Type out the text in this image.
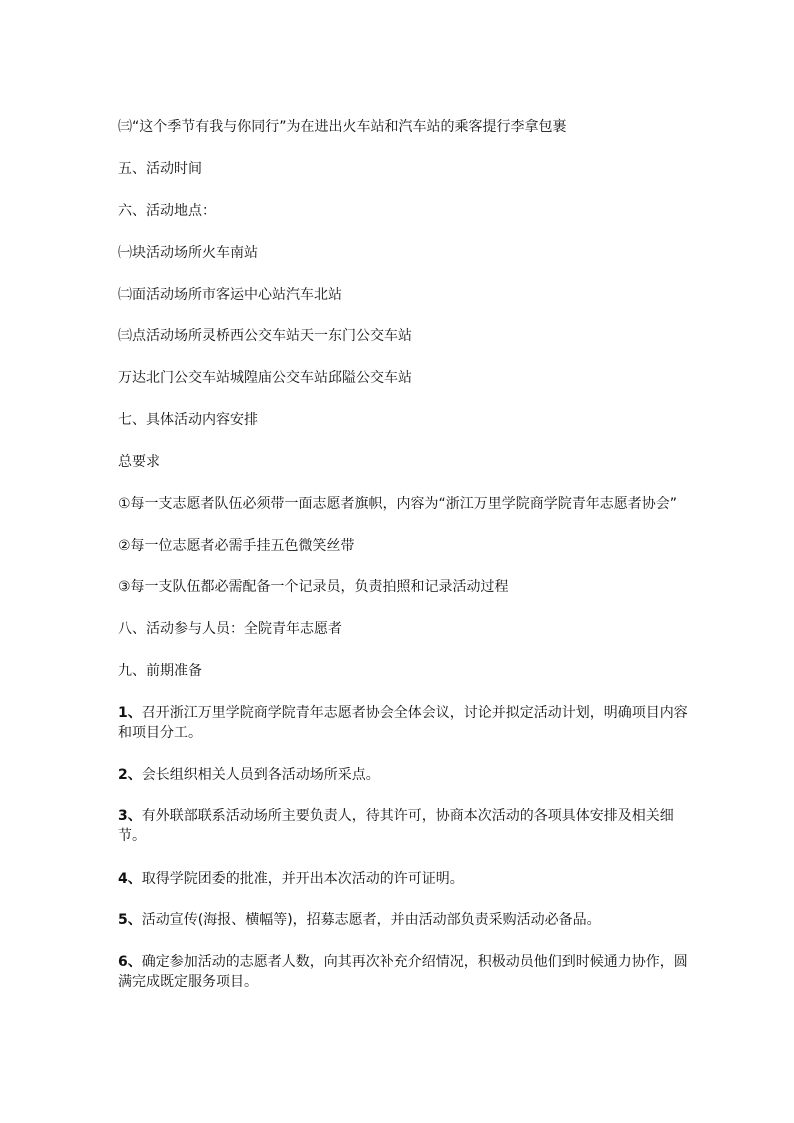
㈢“这个季节有我与你同行”为在进出火车站和汽车站的乘客提行李拿包裹

五、活动时间

六、活动地点：

㈠块活动场所火车南站

㈡面活动场所市客运中心站汽车北站

㈢点活动场所灵桥西公交车站天一东门公交车站

万达北门公交车站城隍庙公交车站邱隘公交车站

七、具体活动内容安排

总要求

①每一支志愿者队伍必须带一面志愿者旗帜，内容为“浙江万里学院商学院青年志愿者协会”

②每一位志愿者必需手挂五色微笑丝带

③每一支队伍都必需配备一个记录员，负责拍照和记录活动过程

八、活动参与人员：全院青年志愿者

九、前期准备

1、召开浙江万里学院商学院青年志愿者协会全体会议，讨论并拟定活动计划，明确项目内容和项目分工。

2、会长组织相关人员到各活动场所采点。

3、有外联部联系活动场所主要负责人，待其许可，协商本次活动的各项具体安排及相关细节。

4、取得学院团委的批准，并开出本次活动的许可证明。

5、活动宣传(海报、横幅等)，招募志愿者，并由活动部负责采购活动必备品。

6、确定参加活动的志愿者人数，向其再次补充介绍情况，积极动员他们到时候通力协作，圆满完成既定服务项目。
